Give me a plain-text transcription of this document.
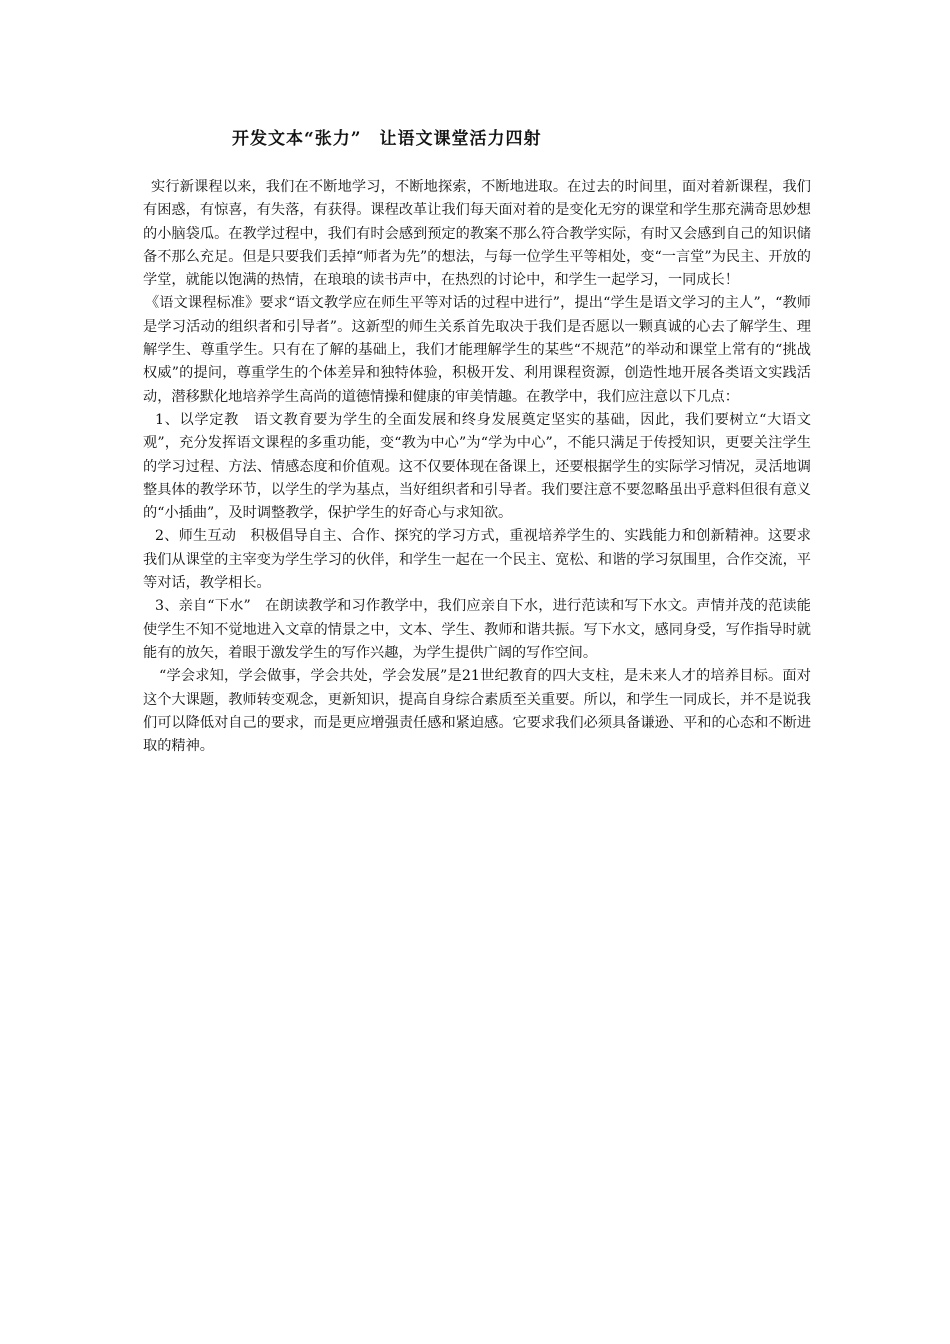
开发文本“张力”　让语文课堂活力四射

实行新课程以来，我们在不断地学习，不断地探索，不断地进取。在过去的时间里，面对着新课程，我们有困惑，有惊喜，有失落，有获得。课程改革让我们每天面对着的是变化无穷的课堂和学生那充满奇思妙想的小脑袋瓜。在教学过程中，我们有时会感到预定的教案不那么符合教学实际，有时又会感到自己的知识储备不那么充足。但是只要我们丢掉“师者为先”的想法，与每一位学生平等相处，变“一言堂”为民主、开放的学堂，就能以饱满的热情，在琅琅的读书声中，在热烈的讨论中，和学生一起学习，一同成长！

《语文课程标准》要求“语文教学应在师生平等对话的过程中进行”，提出“学生是语文学习的主人”，“教师是学习活动的组织者和引导者”。这新型的师生关系首先取决于我们是否愿以一颗真诚的心去了解学生、理解学生、尊重学生。只有在了解的基础上，我们才能理解学生的某些“不规范”的举动和课堂上常有的“挑战权威”的提问，尊重学生的个体差异和独特体验，积极开发、利用课程资源，创造性地开展各类语文实践活动，潜移默化地培养学生高尚的道德情操和健康的审美情趣。在教学中，我们应注意以下几点：

1、以学定教　语文教育要为学生的全面发展和终身发展奠定坚实的基础，因此，我们要树立“大语文观”，充分发挥语文课程的多重功能，变“教为中心”为“学为中心”，不能只满足于传授知识，更要关注学生的学习过程、方法、情感态度和价值观。这不仅要体现在备课上，还要根据学生的实际学习情况，灵活地调整具体的教学环节，以学生的学为基点，当好组织者和引导者。我们要注意不要忽略虽出乎意料但很有意义的“小插曲”，及时调整教学，保护学生的好奇心与求知欲。

2、师生互动　积极倡导自主、合作、探究的学习方式，重视培养学生的、实践能力和创新精神。这要求我们从课堂的主宰变为学生学习的伙伴，和学生一起在一个民主、宽松、和谐的学习氛围里，合作交流，平等对话，教学相长。

3、亲自“下水”　在朗读教学和习作教学中，我们应亲自下水，进行范读和写下水文。声情并茂的范读能使学生不知不觉地进入文章的情景之中，文本、学生、教师和谐共振。写下水文，感同身受，写作指导时就能有的放矢，着眼于激发学生的写作兴趣，为学生提供广阔的写作空间。

“学会求知，学会做事，学会共处，学会发展”是21世纪教育的四大支柱，是未来人才的培养目标。面对这个大课题，教师转变观念，更新知识，提高自身综合素质至关重要。所以，和学生一同成长，并不是说我们可以降低对自己的要求，而是更应增强责任感和紧迫感。它要求我们必须具备谦逊、平和的心态和不断进取的精神。
